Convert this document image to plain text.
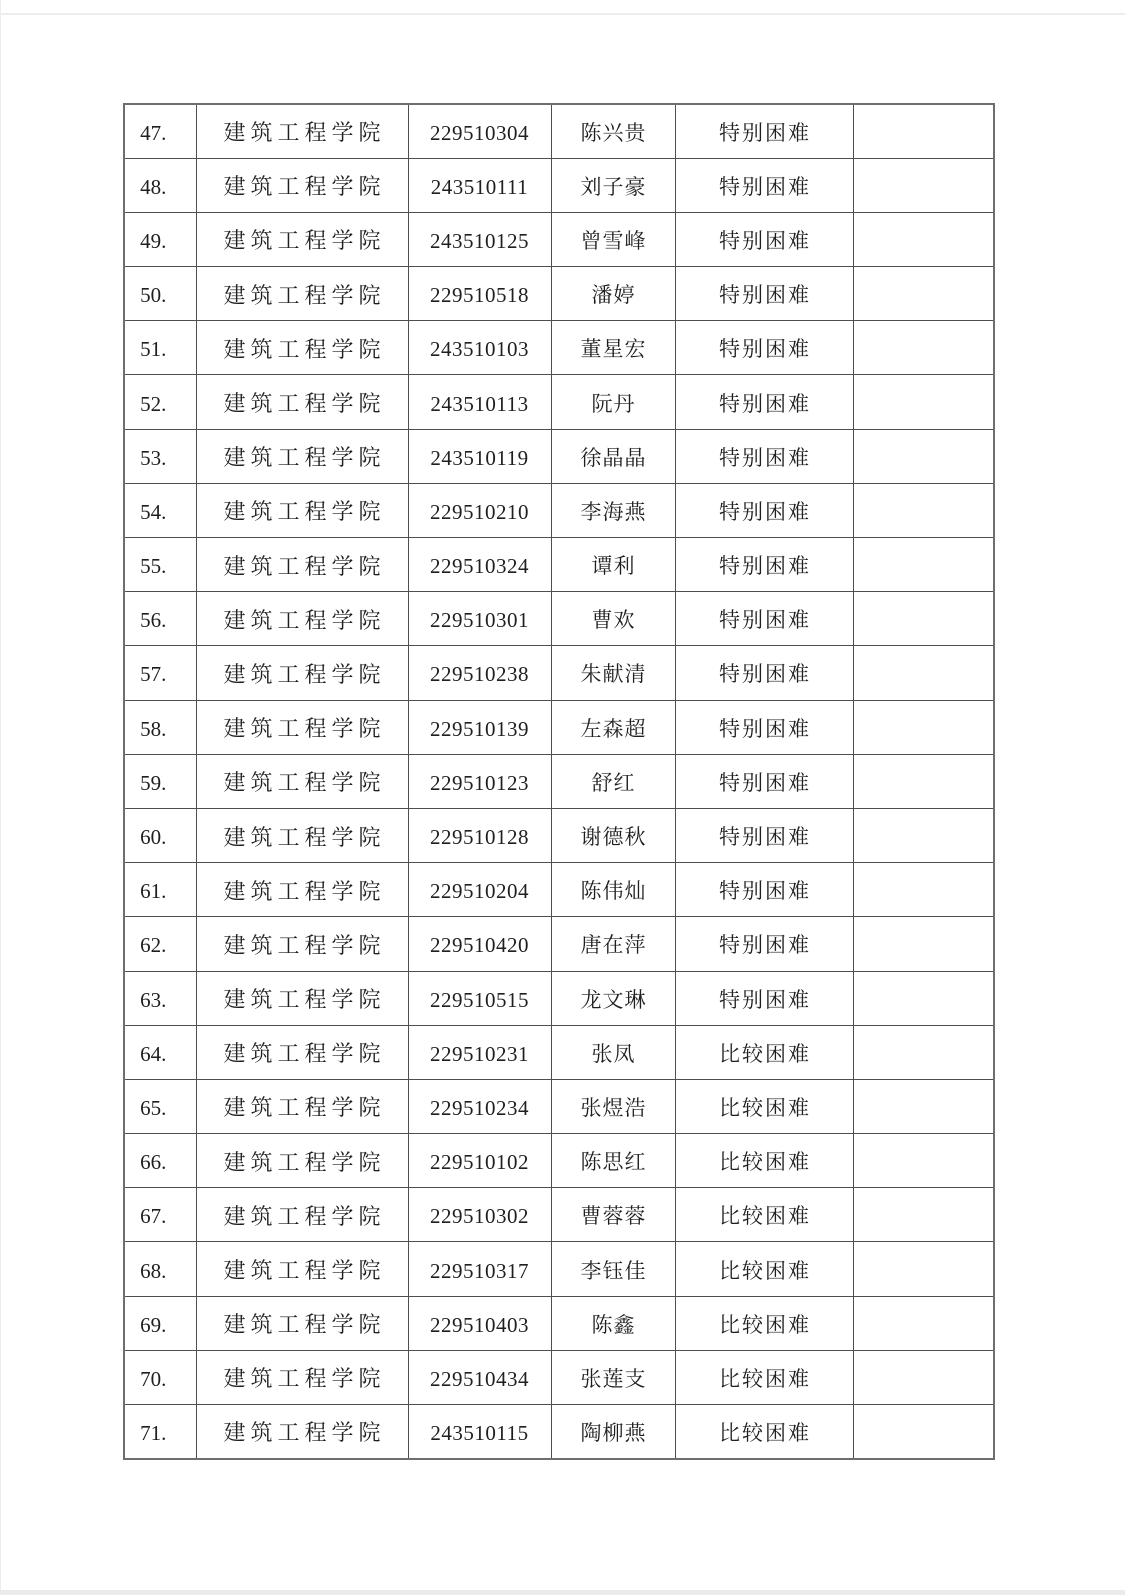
47.	建筑工程学院	229510304	陈兴贵	特别困难	
48.	建筑工程学院	243510111	刘子豪	特别困难	
49.	建筑工程学院	243510125	曾雪峰	特别困难	
50.	建筑工程学院	229510518	潘婷	特别困难	
51.	建筑工程学院	243510103	董星宏	特别困难	
52.	建筑工程学院	243510113	阮丹	特别困难	
53.	建筑工程学院	243510119	徐晶晶	特别困难	
54.	建筑工程学院	229510210	李海燕	特别困难	
55.	建筑工程学院	229510324	谭利	特别困难	
56.	建筑工程学院	229510301	曹欢	特别困难	
57.	建筑工程学院	229510238	朱献清	特别困难	
58.	建筑工程学院	229510139	左森超	特别困难	
59.	建筑工程学院	229510123	舒红	特别困难	
60.	建筑工程学院	229510128	谢德秋	特别困难	
61.	建筑工程学院	229510204	陈伟灿	特别困难	
62.	建筑工程学院	229510420	唐在萍	特别困难	
63.	建筑工程学院	229510515	龙文琳	特别困难	
64.	建筑工程学院	229510231	张凤	比较困难	
65.	建筑工程学院	229510234	张煜浩	比较困难	
66.	建筑工程学院	229510102	陈思红	比较困难	
67.	建筑工程学院	229510302	曹蓉蓉	比较困难	
68.	建筑工程学院	229510317	李钰佳	比较困难	
69.	建筑工程学院	229510403	陈鑫	比较困难	
70.	建筑工程学院	229510434	张莲支	比较困难	
71.	建筑工程学院	243510115	陶柳燕	比较困难	
